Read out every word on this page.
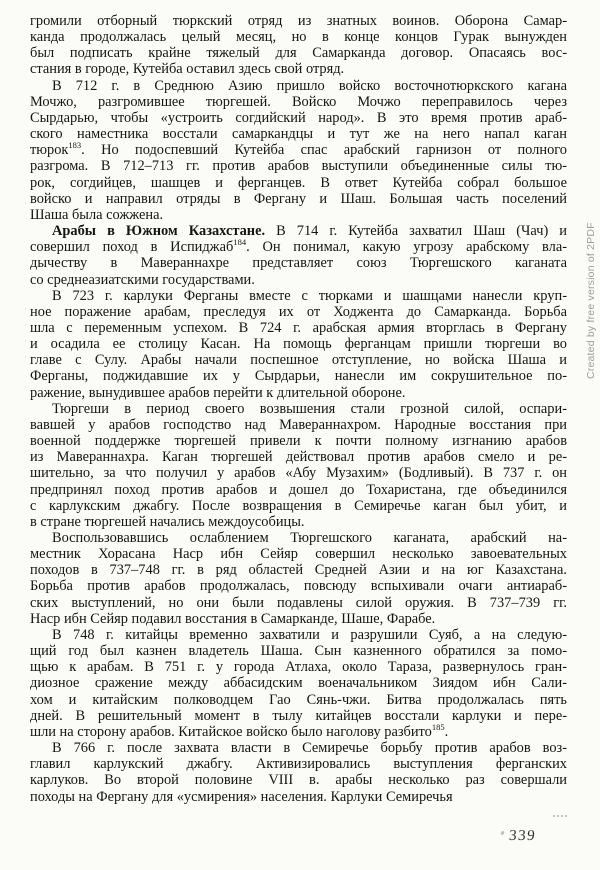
громили отборный тюркский отряд из знатных воинов. Оборона Самар-
канда продолжалась целый месяц, но в конце концов Гурак вынужден
был подписать крайне тяжелый для Самарканда договор. Опасаясь вос-
стания в городе, Кутейба оставил здесь свой отряд.
В 712 г. в Среднюю Азию пришло войско восточнотюркского кагана
Мочжо, разгромившее тюргешей. Войско Мочжо переправилось через
Сырдарью, чтобы «устроить согдийский народ». В это время против араб-
ского наместника восстали самаркандцы и тут же на него напал каган
тюрок$^{183}$. Но подоспевший Кутейба спас арабский гарнизон от полного
разгрома. В 712–713 гг. против арабов выступили объединенные силы тю-
рок, согдийцев, шашцев и ферганцев. В ответ Кутейба собрал большое
войско и направил отряды в Фергану и Шаш. Большая часть поселений
Шаша была сожжена.
Арабы в Южном Казахстане. В 714 г. Кутейба захватил Шаш (Чач) и
совершил поход в Испиджаб$^{184}$. Он понимал, какую угрозу арабскому вла-
дычеству в Мавераннахре представляет союз Тюргешского каганата
со среднеазиатскими государствами.
В 723 г. карлуки Ферганы вместе с тюрками и шашцами нанесли круп-
ное поражение арабам, преследуя их от Ходжента до Самарканда. Борьба
шла с переменным успехом. В 724 г. арабская армия вторглась в Фергану
и осадила ее столицу Касан. На помощь ферганцам пришли тюргеши во
главе с Сулу. Арабы начали поспешное отступление, но войска Шаша и
Ферганы, поджидавшие их у Сырдарьи, нанесли им сокрушительное по-
ражение, вынудившее арабов перейти к длительной обороне.
Тюргеши в период своего возвышения стали грозной силой, оспари-
вавшей у арабов господство над Мавераннахром. Народные восстания при
военной поддержке тюргешей привели к почти полному изгнанию арабов
из Мавераннахра. Каган тюргешей действовал против арабов смело и ре-
шительно, за что получил у арабов «Абу Музахим» (Бодливый). В 737 г. он
предпринял поход против арабов и дошел до Тохаристана, где объединился
с карлукским джабгу. После возвращения в Семиречье каган был убит, и
в стране тюргешей начались междоусобицы.
Воспользовавшись ослаблением Тюргешского каганата, арабский на-
местник Хорасана Наср ибн Сейяр совершил несколько завоевательных
походов в 737–748 гг. в ряд областей Средней Азии и на юг Казахстана.
Борьба против арабов продолжалась, повсюду вспыхивали очаги антиараб-
ских выступлений, но они были подавлены силой оружия. В 737–739 гг.
Наср ибн Сейяр подавил восстания в Самарканде, Шаше, Фарабе.
В 748 г. китайцы временно захватили и разрушили Суяб, а на следую-
щий год был казнен владетель Шаша. Сын казненного обратился за помо-
щью к арабам. В 751 г. у города Атлаха, около Тараза, развернулось гран-
диозное сражение между аббасидским военачальником Зиядом ибн Сали-
хом и китайским полководцем Гао Сянь-чжи. Битва продолжалась пять
дней. В решительный момент в тылу китайцев восстали карлуки и пере-
шли на сторону арабов. Китайское войско было наголову разбито$^{185}$.
В 766 г. после захвата власти в Семиречье борьбу против арабов воз-
главил карлукский джабгу. Активизировались выступления ферганских
карлуков. Во второй половине VIII в. арабы несколько раз совершали
походы на Фергану для «усмирения» населения. Карлуки Семиречья
Created by free version of 2PDF
339
